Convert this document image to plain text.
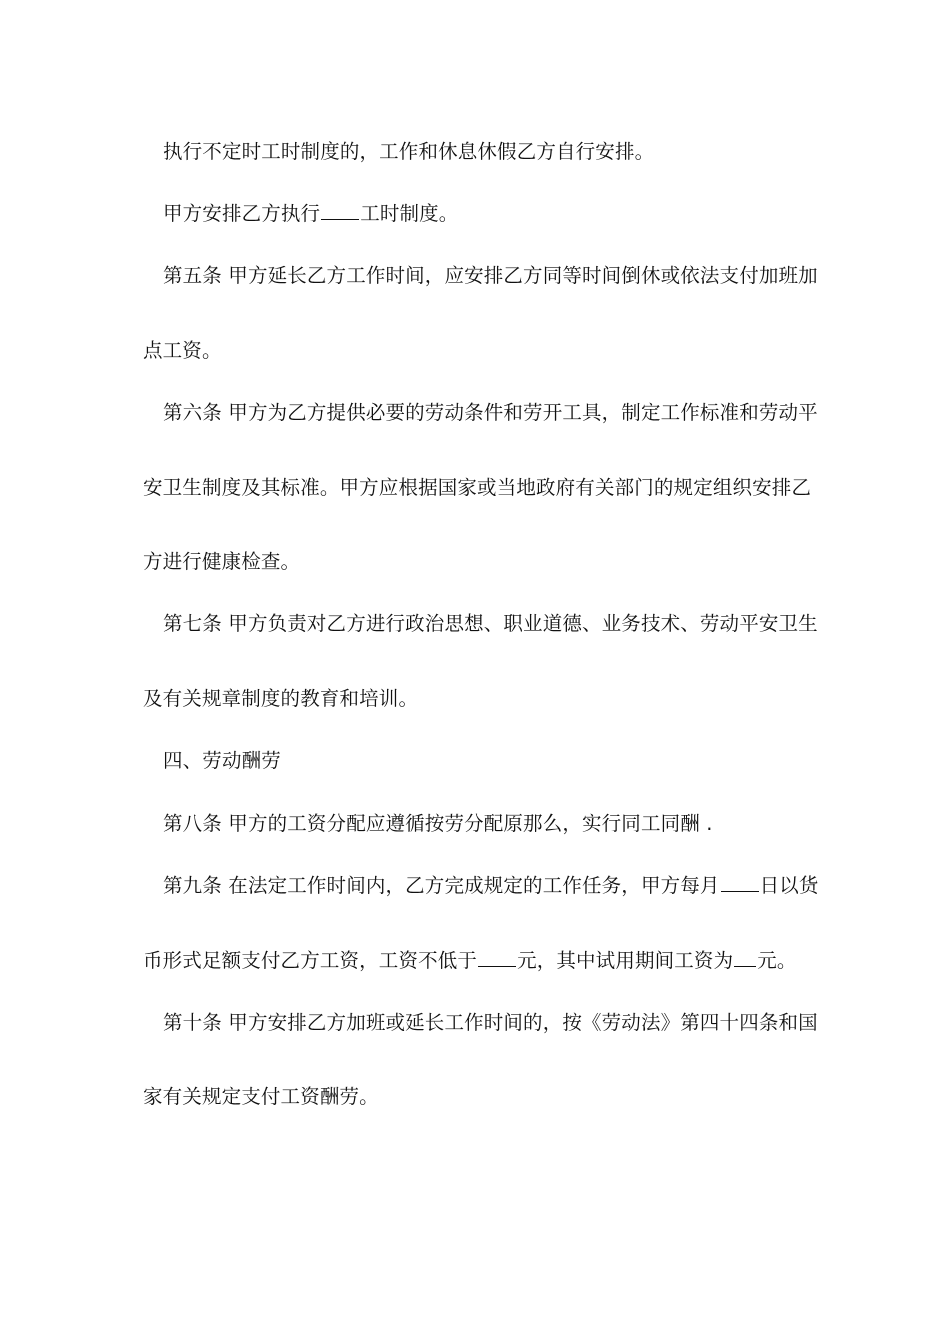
执行不定时工时制度的，工作和休息休假乙方自行安排。
甲方安排乙方执行 工时制度。
第五条 甲方延长乙方工作时间，应安排乙方同等时间倒休或依法支付加班加
点工资。
第六条 甲方为乙方提供必要的劳动条件和劳开工具，制定工作标准和劳动平
安卫生制度及其标准。甲方应根据国家或当地政府有关部门的规定组织安排乙
方进行健康检查。
第七条 甲方负责对乙方进行政治思想、职业道德、业务技术、劳动平安卫生
及有关规章制度的教育和培训。
四、劳动酬劳
第八条 甲方的工资分配应遵循按劳分配原那么，实行同工同酬 .
第九条 在法定工作时间内，乙方完成规定的工作任务，甲方每月 日以货
币形式足额支付乙方工资，工资不低于 元，其中试用期间工资为 元。
第十条 甲方安排乙方加班或延长工作时间的，按《劳动法》第四十四条和国
家有关规定支付工资酬劳。
